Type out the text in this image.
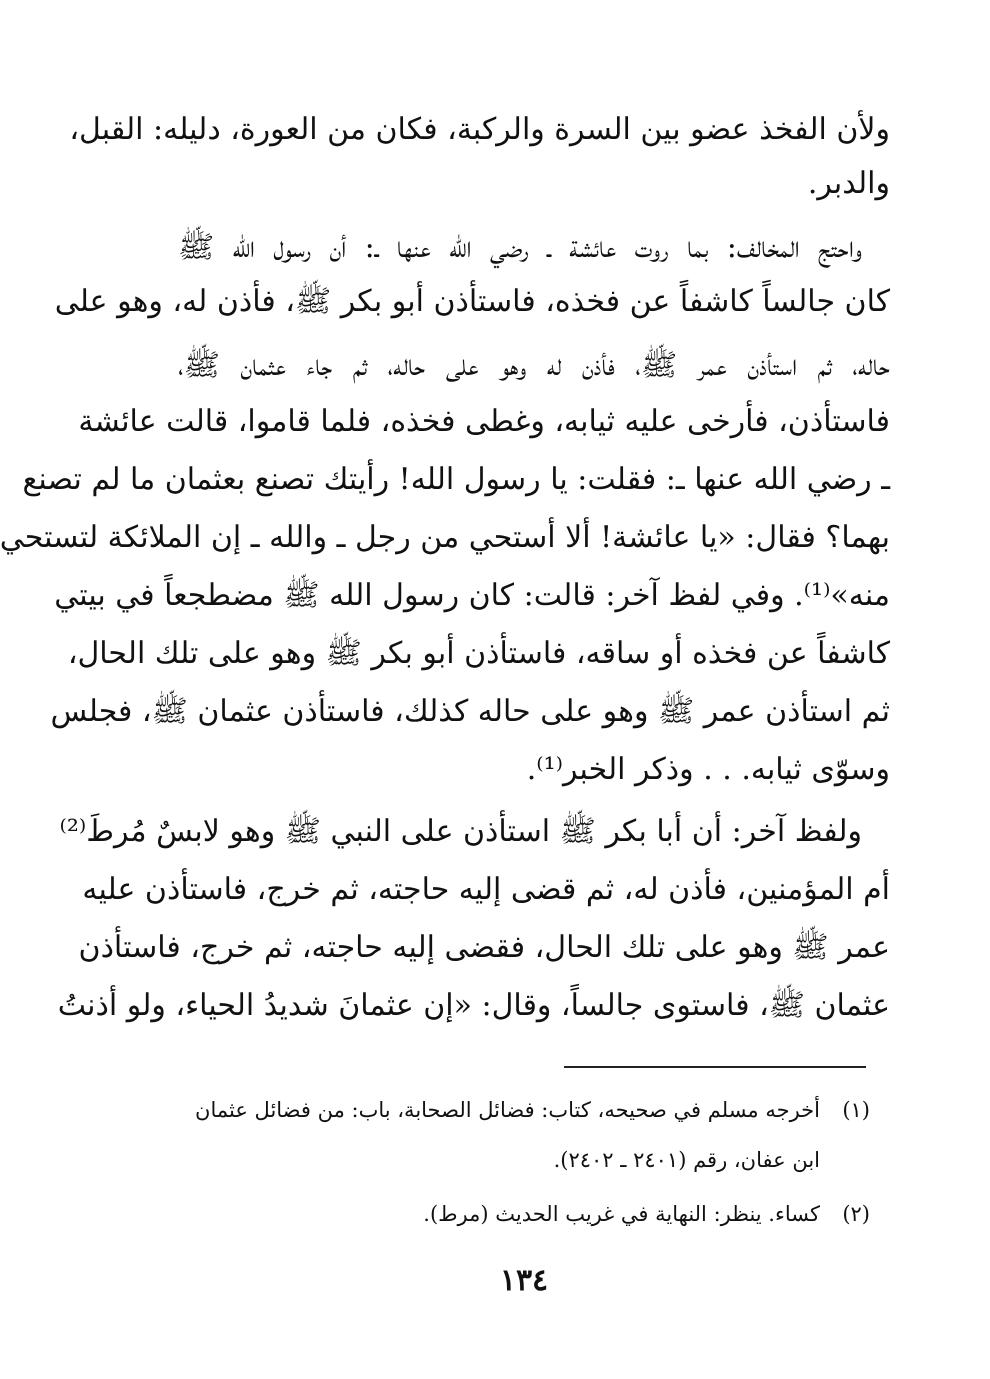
ولأن الفخذ عضو بين السرة والركبة، فكان من العورة، دليله: القبل،
والدبر.
واحتج المخالف: بما روت عائشة ـ رضي الله عنها ـ: أن رسول الله ﷺ
كان جالساً كاشفاً عن فخذه، فاستأذن أبو بكر ﷺ، فأذن له، وهو على
حاله، ثم استأذن عمر ﷺ، فأذن له وهو على حاله، ثم جاء عثمان ﷺ،
فاستأذن، فأرخى عليه ثيابه، وغطى فخذه، فلما قاموا، قالت عائشة
ـ رضي الله عنها ـ: فقلت: يا رسول الله! رأيتك تصنع بعثمان ما لم تصنع
بهما؟ فقال: «يا عائشة! ألا أستحي من رجل ـ والله ـ إن الملائكة لتستحي
منه»⁽¹⁾. وفي لفظ آخر: قالت: كان رسول الله ﷺ مضطجعاً في بيتي
كاشفاً عن فخذه أو ساقه، فاستأذن أبو بكر ﷺ وهو على تلك الحال،
ثم استأذن عمر ﷺ وهو على حاله كذلك، فاستأذن عثمان ﷺ، فجلس
وسوّى ثيابه. . . وذكر الخبر⁽¹⁾.
ولفظ آخر: أن أبا بكر ﷺ استأذن على النبي ﷺ وهو لابسٌ مُرطَ⁽²⁾
أم المؤمنين، فأذن له، ثم قضى إليه حاجته، ثم خرج، فاستأذن عليه
عمر ﷺ وهو على تلك الحال، فقضى إليه حاجته، ثم خرج، فاستأذن
عثمان ﷺ، فاستوى جالساً، وقال: «إن عثمانَ شديدُ الحياء، ولو أذنتُ
(١)أخرجه مسلم في صحيحه، كتاب: فضائل الصحابة، باب: من فضائل عثمان
ابن عفان، رقم (٢٤٠١ ـ ٢٤٠٢).
(٢)كساء. ينظر: النهاية في غريب الحديث (مرط).
١٣٤
